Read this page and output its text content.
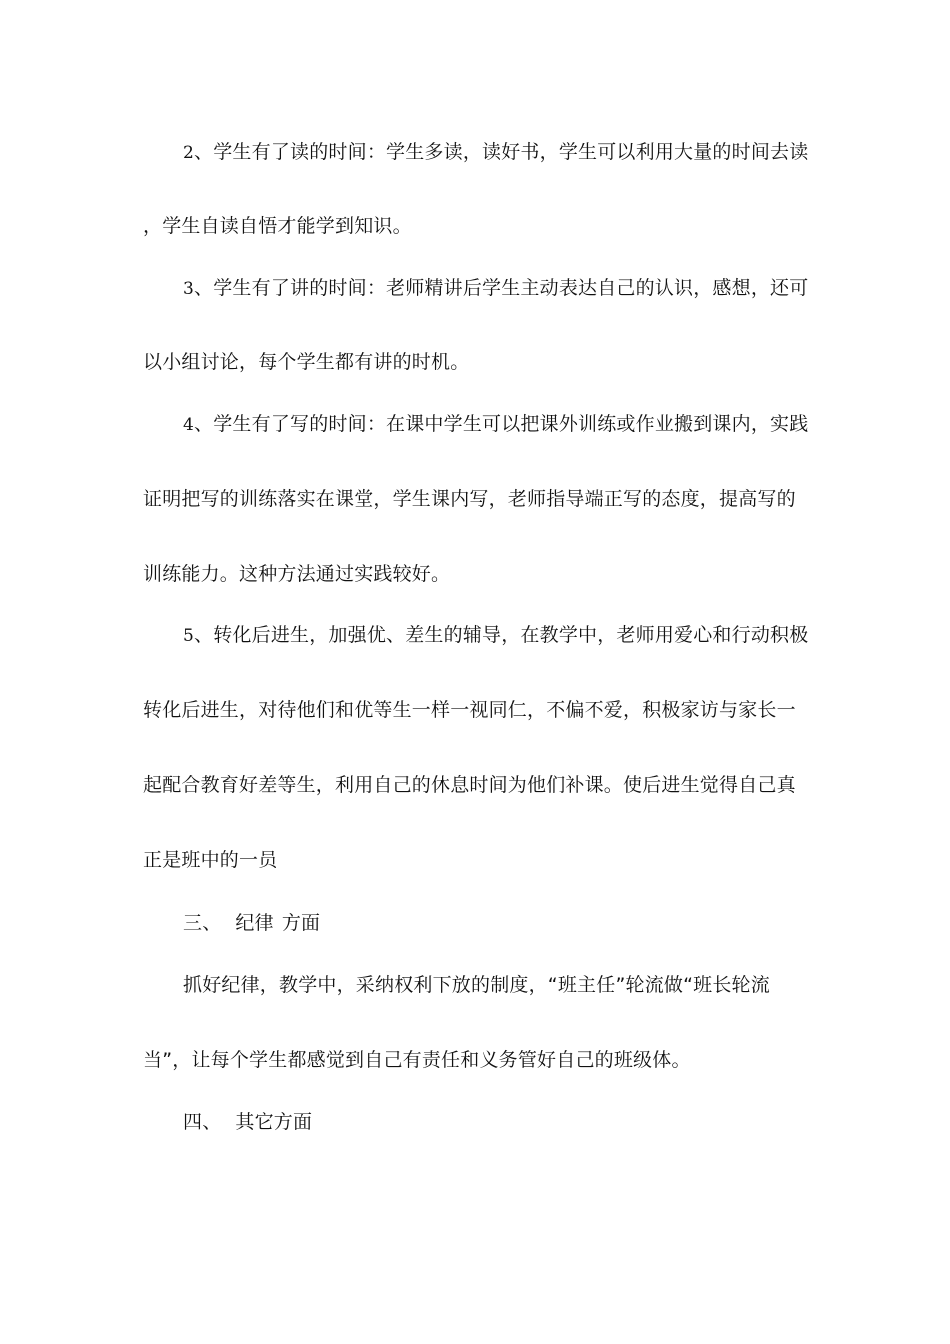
2、学生有了读的时间：学生多读，读好书，学生可以利用大量的时间去读
，学生自读自悟才能学到知识。
3、学生有了讲的时间：老师精讲后学生主动表达自己的认识，感想，还可
以小组讨论，每个学生都有讲的时机。
4、学生有了写的时间：在课中学生可以把课外训练或作业搬到课内，实践
证明把写的训练落实在课堂，学生课内写，老师指导端正写的态度，提高写的
训练能力。这种方法通过实践较好。
5、转化后进生，加强优、差生的辅导，在教学中，老师用爱心和行动积极
转化后进生，对待他们和优等生一样一视同仁，不偏不爱，积极家访与家长一
起配合教育好差等生，利用自己的休息时间为他们补课。使后进生觉得自己真
正是班中的一员
三、 纪律 方面
抓好纪律，教学中，采纳权利下放的制度，“班主任”轮流做“班长轮流
当”，让每个学生都感觉到自己有责任和义务管好自己的班级体。
四、 其它方面
